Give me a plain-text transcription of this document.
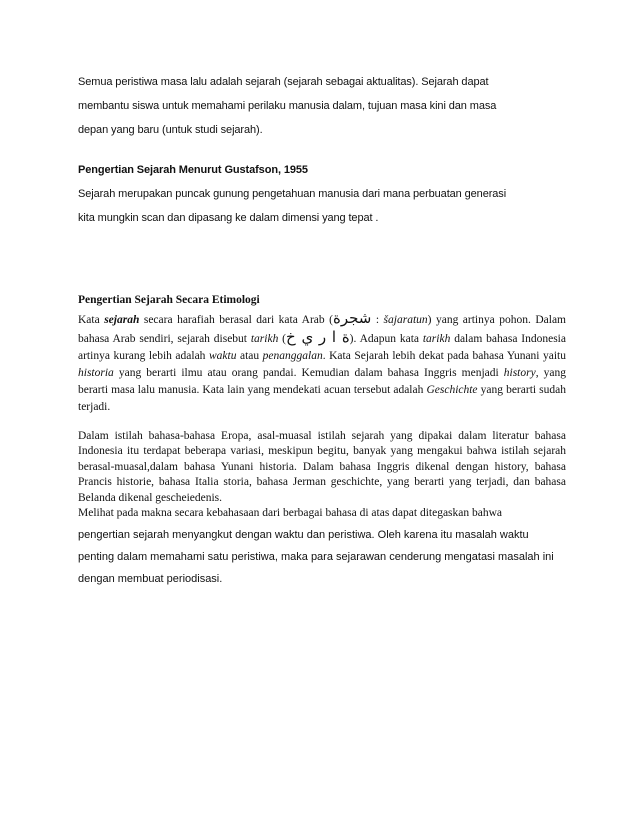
Semua peristiwa masa lalu adalah sejarah (sejarah sebagai aktualitas). Sejarah dapat

membantu siswa untuk memahami perilaku manusia dalam, tujuan masa kini dan masa

depan yang baru (untuk studi sejarah).

Pengertian Sejarah Menurut Gustafson, 1955

Sejarah merupakan puncak gunung pengetahuan manusia dari mana perbuatan generasi

kita mungkin scan dan dipasang ke dalam dimensi yang tepat .

Pengertian Sejarah Secara Etimologi

Kata sejarah secara harafiah berasal dari kata Arab (شجرة : šajaratun) yang artinya pohon. Dalam bahasa Arab sendiri, sejarah disebut tarikh (ة ا ر ي خ). Adapun kata tarikh dalam bahasa Indonesia artinya kurang lebih adalah waktu atau penanggalan. Kata Sejarah lebih dekat pada bahasa Yunani yaitu historia yang berarti ilmu atau orang pandai. Kemudian dalam bahasa Inggris menjadi history, yang berarti masa lalu manusia. Kata lain yang mendekati acuan tersebut adalah Geschichte yang berarti sudah terjadi.

Dalam istilah bahasa-bahasa Eropa, asal-muasal istilah sejarah yang dipakai dalam literatur bahasa Indonesia itu terdapat beberapa variasi, meskipun begitu, banyak yang mengakui bahwa istilah sejarah berasal-muasal,dalam bahasa Yunani historia. Dalam bahasa Inggris dikenal dengan history, bahasa Prancis historie, bahasa Italia storia, bahasa Jerman geschichte, yang berarti yang terjadi, dan bahasa Belanda dikenal gescheiedenis.

Melihat pada makna secara kebahasaan dari berbagai bahasa di atas dapat ditegaskan bahwa

pengertian sejarah menyangkut dengan waktu dan peristiwa. Oleh karena itu masalah waktu

penting dalam memahami satu peristiwa, maka para sejarawan cenderung mengatasi masalah ini

dengan membuat periodisasi.
